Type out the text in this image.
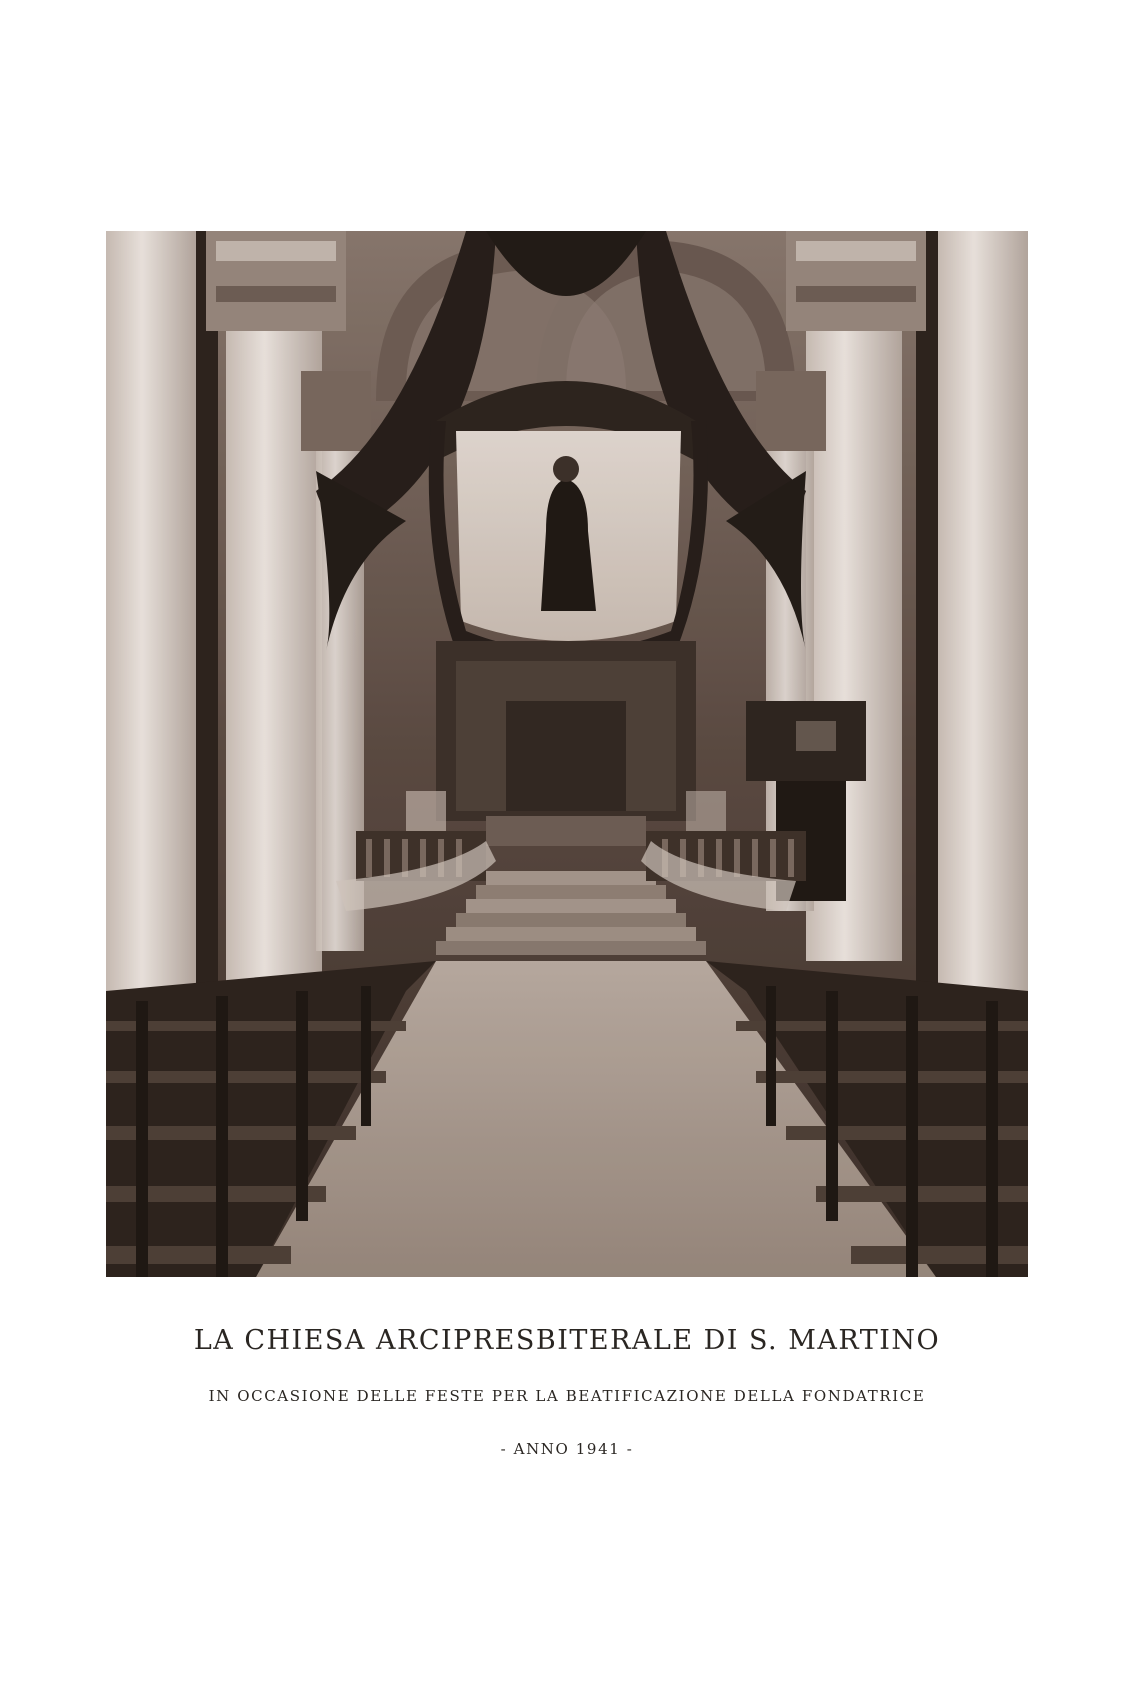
LA CHIESA ARCIPRESBITERALE DI S. MARTINO
IN OCCASIONE DELLE FESTE PER LA BEATIFICAZIONE DELLA FONDATRICE
- ANNO 1941 -
